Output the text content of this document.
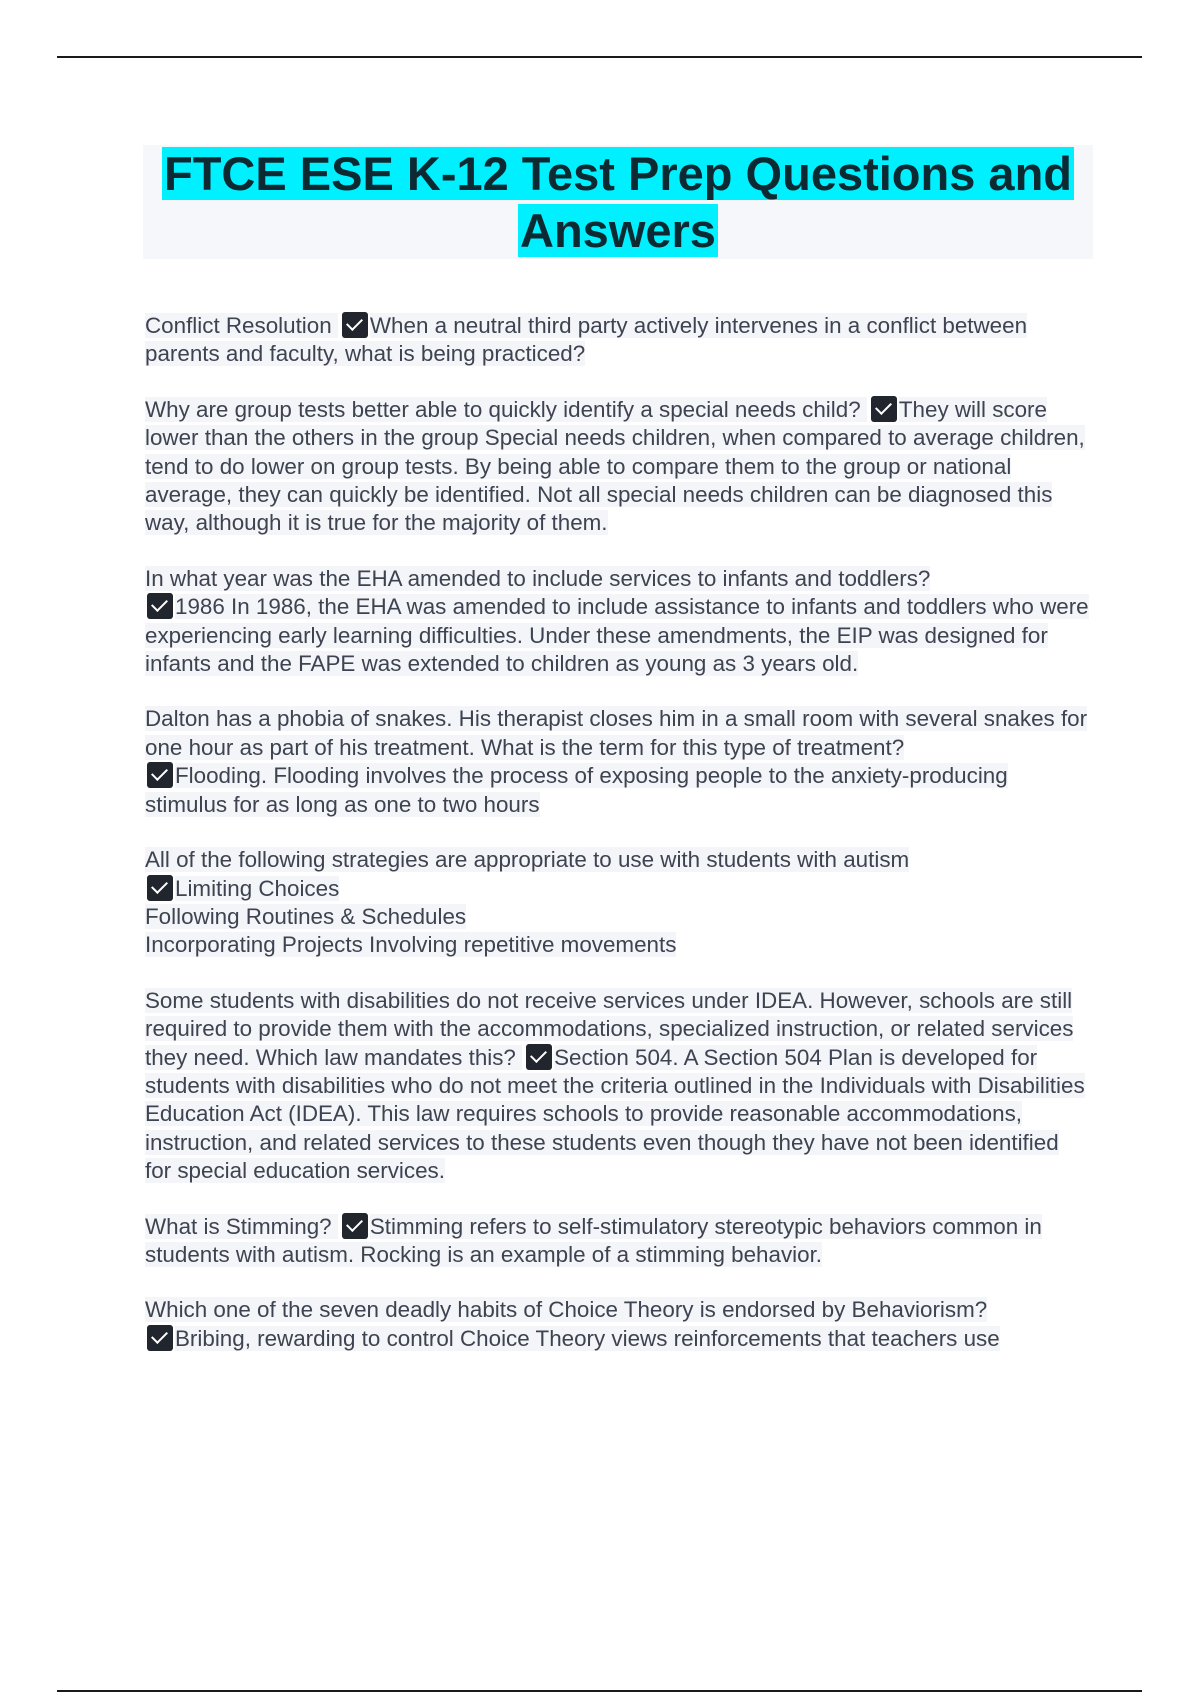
FTCE ESE K-12 Test Prep Questions and
Answers

Conflict Resolution When a neutral third party actively intervenes in a conflict between parents and faculty, what is being practiced?

Why are group tests better able to quickly identify a special needs child? They will score lower than the others in the group Special needs children, when compared to average children, tend to do lower on group tests. By being able to compare them to the group or national average, they can quickly be identified. Not all special needs children can be diagnosed this way, although it is true for the majority of them.

In what year was the EHA amended to include services to infants and toddlers?
1986 In 1986, the EHA was amended to include assistance to infants and toddlers who were experiencing early learning difficulties. Under these amendments, the EIP was designed for infants and the FAPE was extended to children as young as 3 years old.

Dalton has a phobia of snakes. His therapist closes him in a small room with several snakes for one hour as part of his treatment. What is the term for this type of treatment?
Flooding. Flooding involves the process of exposing people to the anxiety-producing stimulus for as long as one to two hours

All of the following strategies are appropriate to use with students with autism
Limiting Choices
Following Routines & Schedules
Incorporating Projects Involving repetitive movements

Some students with disabilities do not receive services under IDEA. However, schools are still required to provide them with the accommodations, specialized instruction, or related services they need. Which law mandates this? Section 504. A Section 504 Plan is developed for students with disabilities who do not meet the criteria outlined in the Individuals with Disabilities Education Act (IDEA). This law requires schools to provide reasonable accommodations, instruction, and related services to these students even though they have not been identified for special education services.

What is Stimming? Stimming refers to self-stimulatory stereotypic behaviors common in students with autism. Rocking is an example of a stimming behavior.

Which one of the seven deadly habits of Choice Theory is endorsed by Behaviorism?
Bribing, rewarding to control Choice Theory views reinforcements that teachers use
